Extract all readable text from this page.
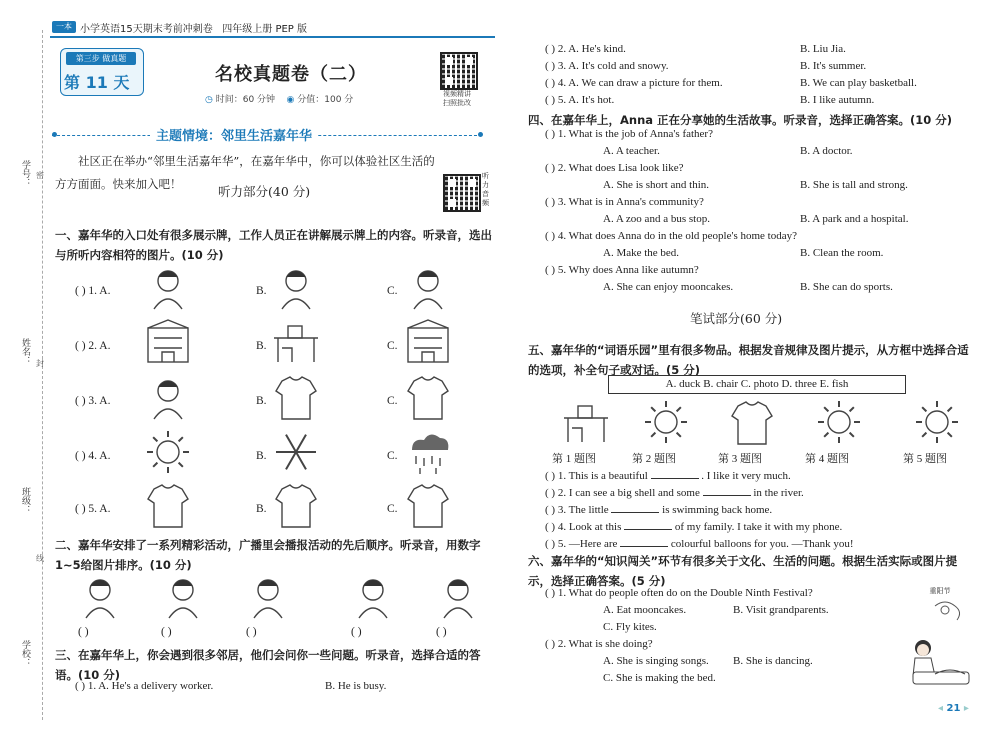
一本 小学英语15天期末考前冲刺卷 四年级上册 PEP 版
第三步 做真题
第 11 天	名校真题卷（二）
◷ 时间：60 分钟 ◉ 分值：100 分
视频精讲扫照批改
学号：
姓名：
班级：
学校：
密
封
线
主题情境：邻里生活嘉年华
社区正在举办“邻里生活嘉年华”，在嘉年华中，你可以体验社区生活的方方面面。快来加入吧！	听力部分(40 分)
听力音频
一、嘉年华的入口处有很多展示牌，工作人员正在讲解展示牌上的内容。听录音，选出与所听内容相符的图片。(10 分)
( ) 1. A.	B.	C.
( ) 2. A.	B.	C.
( ) 3. A.	B.	C.
( ) 4. A.	B.	C.
( ) 5. A.	B.	C.
二、嘉年华安排了一系列精彩活动，广播里会播报活动的先后顺序。听录音，用数字 1~5给图片排序。(10 分)
( )	( )	( )	( )	( )
三、在嘉年华上，你会遇到很多邻居，他们会问你一些问题。听录音，选择合适的答语。(10 分)
( ) 1. A. He's a delivery worker.	B. He is busy.
( ) 2. A. He's kind.	B. Liu Jia.
( ) 3. A. It's cold and snowy.	B. It's summer.
( ) 4. A. We can draw a picture for them.	B. We can play basketball.
( ) 5. A. It's hot.	B. I like autumn.
四、在嘉年华上，Anna 正在分享她的生活故事。听录音，选择正确答案。(10 分)
( ) 1. What is the job of Anna's father?
A. A teacher.	B. A doctor.
( ) 2. What does Lisa look like?
A. She is short and thin.	B. She is tall and strong.
( ) 3. What is in Anna's community?
A. A zoo and a bus stop.	B. A park and a hospital.
( ) 4. What does Anna do in the old people's home today?
A. Make the bed.	B. Clean the room.
( ) 5. Why does Anna like autumn?
A. She can enjoy mooncakes.	B. She can do sports.
笔试部分(60 分)
五、嘉年华的“词语乐园”里有很多物品。根据发音规律及图片提示，从方框中选择合适的选项，补全句子或对话。(5 分)
A. duck B. chair C. photo D. three E. fish
第 1 题图	第 2 题图	第 3 题图	第 4 题图	第 5 题图
( ) 1. This is a beautiful	. I like it very much.
( ) 2. I can see a big shell and some	in the river.
( ) 3. The little	is swimming back home.
( ) 4. Look at this	of my family. I take it with my phone.
( ) 5. —Here are	colourful balloons for you. —Thank you!
六、嘉年华的“知识闯关”环节有很多关于文化、生活的问题。根据生活实际或图片提示，选择正确答案。(5 分)
( ) 1. What do people often do on the Double Ninth Festival?
A. Eat mooncakes.	B. Visit grandparents.
C. Fly kites.
( ) 2. What is she doing?
A. She is singing songs. B. She is dancing.
C. She is making the bed.
重阳节
◂ 21 ▸
